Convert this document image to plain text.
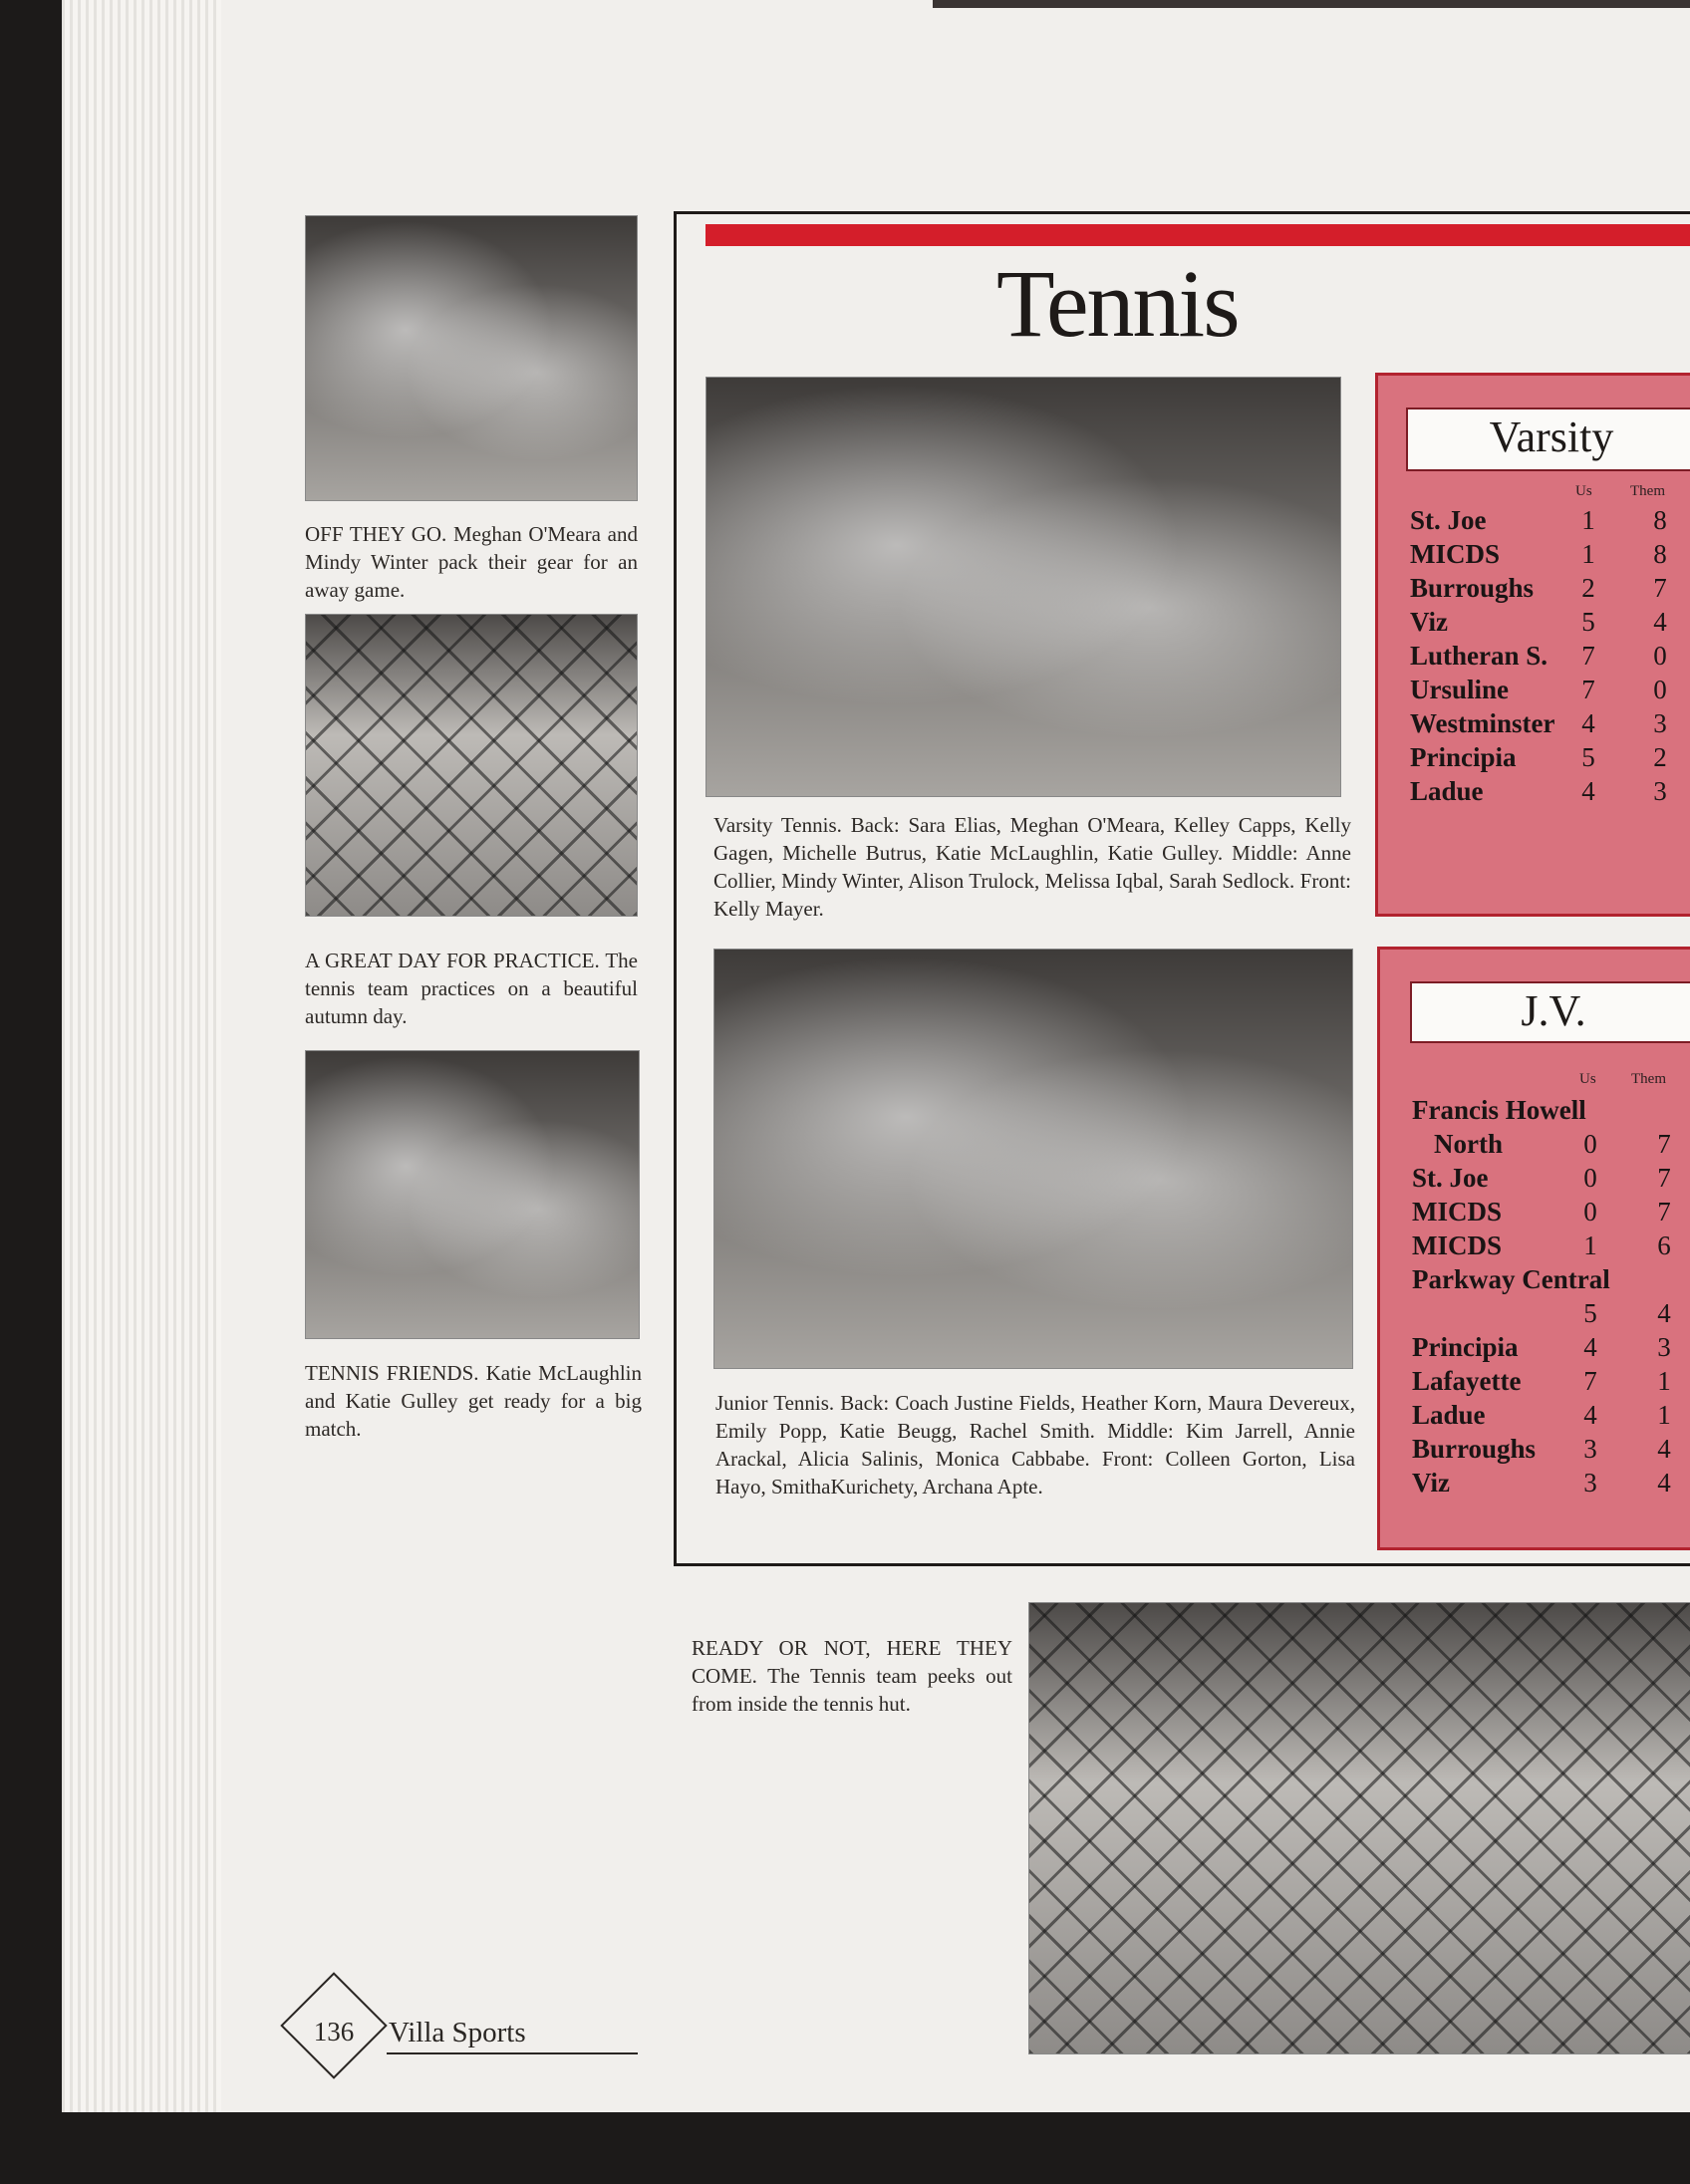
OFF THEY GO. Meghan O'Meara and Mindy Winter pack their gear for an away game.
A GREAT DAY FOR PRACTICE. The tennis team practices on a beautiful autumn day.
TENNIS FRIENDS. Katie McLaughlin and Katie Gulley get ready for a big match.
Tennis
Varsity Tennis. Back: Sara Elias, Meghan O'Meara, Kelley Capps, Kelly Gagen, Michelle Butrus, Katie McLaughlin, Katie Gulley. Middle: Anne Collier, Mindy Winter, Alison Trulock, Melissa Iqbal, Sarah Sedlock. Front: Kelly Mayer.
Junior Tennis. Back: Coach Justine Fields, Heather Korn, Maura Devereux, Emily Popp, Katie Beugg, Rachel Smith. Middle: Kim Jarrell, Annie Arackal, Alicia Salinis, Monica Cabbabe. Front: Colleen Gorton, Lisa Hayo, SmithaKurichety, Archana Apte.
Varsity
Us	Them
St. Joe	1	8
MICDS	1	8
Burroughs	2	7
Viz	5	4
Lutheran S.	7	0
Ursuline	7	0
Westminster 4	3
Principia	5	2
Ladue	4	3
J.V.
Us Them
Francis Howell
North	0	7
St. Joe	0	7
MICDS	0	7
MICDS	1	6
Parkway Central
5	4
Principia	4	3
Lafayette	7	1
Ladue	4	1
Burroughs	3	4
Viz	3	4
READY OR NOT, HERE THEY COME. The Tennis team peeks out from inside the tennis hut.
136 Villa Sports
